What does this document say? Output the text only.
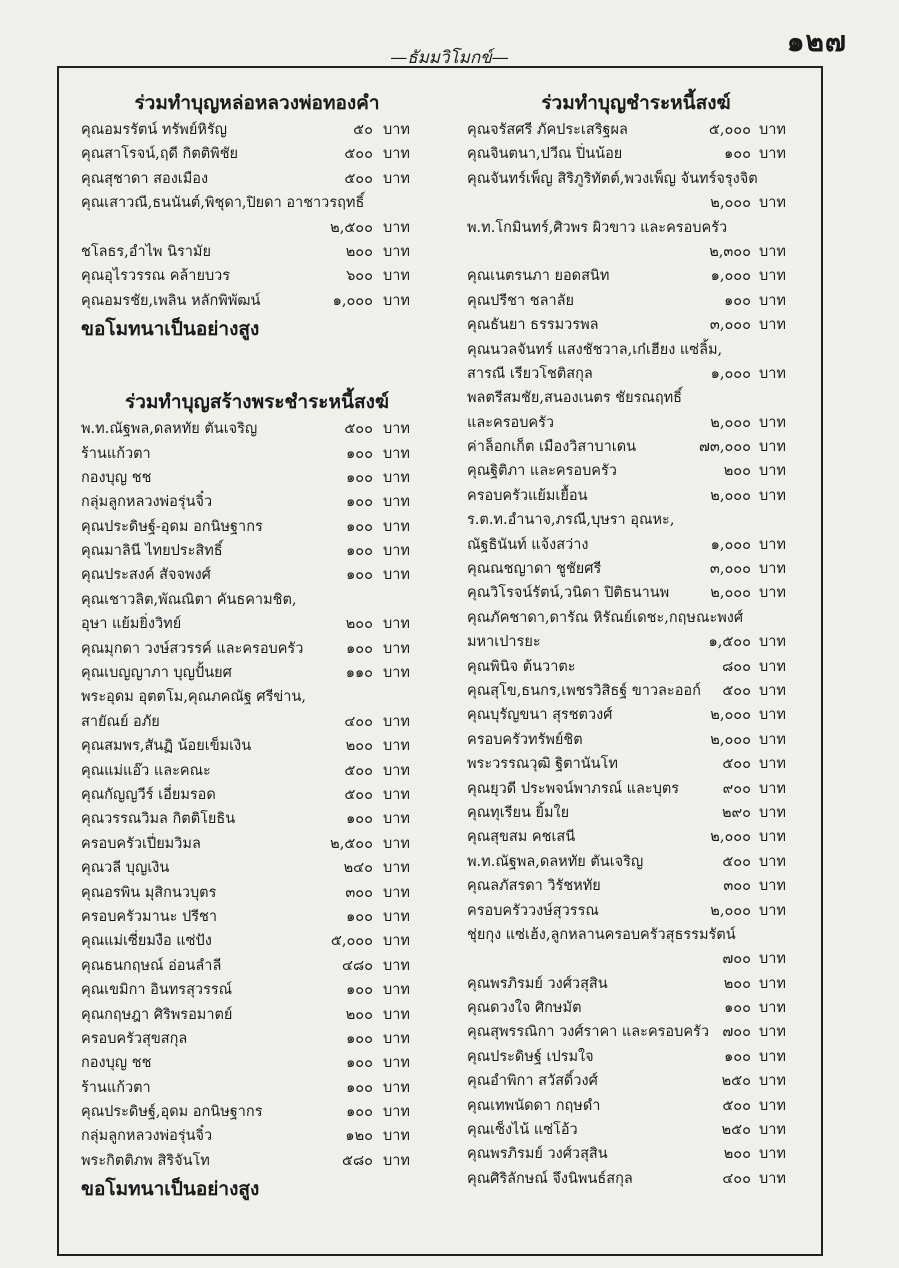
๑๒๗
—ธัมมวิโมกข์—
ร่วมทำบุญหล่อหลวงพ่อทองคำ
คุณอมรรัตน์ ทรัพย์หิรัญ	๕๐ บาท
คุณสาโรจน์,ฤดี กิตติพิชัย	๕๐๐ บาท
คุณสุชาดา สองเมือง	๕๐๐ บาท
คุณเสาวณี,ธนนันต์,พิชุดา,ปิยดา อาชาวรฤทธิ์
๒,๕๐๐ บาท
ชโลธร,อำไพ นิรามัย	๒๐๐ บาท
คุณอุไรวรรณ คล้ายบวร	๖๐๐ บาท
คุณอมรชัย,เพลิน หลักพิพัฒน์	๑,๐๐๐ บาท
ขอโมทนาเป็นอย่างสูง
ร่วมทำบุญสร้างพระชำระหนี้สงฆ์
พ.ท.ณัฐพล,ดลหทัย ตันเจริญ	๕๐๐ บาท
ร้านแก้วตา	๑๐๐ บาท
กองบุญ ชช	๑๐๐ บาท
กลุ่มลูกหลวงพ่อรุ่นจิ๋ว	๑๐๐ บาท
คุณประดิษฐ์-อุดม อกนิษฐากร	๑๐๐ บาท
คุณมาลินี ไทยประสิทธิ์	๑๐๐ บาท
คุณประสงค์ สัจจพงศ์	๑๐๐ บาท
คุณเชาวลิต,พัณณิตา คันธคามชิต,
อุษา แย้มยิ่งวิทย์	๒๐๐ บาท
คุณมุกดา วงษ์สวรรค์ และครอบครัว	๑๐๐ บาท
คุณเบญญาภา บุญปั้นยศ	๑๑๐ บาท
พระอุดม อุตตโม,คุณภคณัฐ ศรีข่าน,
สายัณย์ อภัย	๔๐๐ บาท
คุณสมพร,สันฏิ น้อยเข็มเงิน	๒๐๐ บาท
คุณแม่แอ๊ว และคณะ	๕๐๐ บาท
คุณกัญญวีร์ เอี่ยมรอด	๕๐๐ บาท
คุณวรรณวิมล กิตติโยธิน	๑๐๐ บาท
ครอบครัวเปี่ยมวิมล	๒,๕๐๐ บาท
คุณวลี บุญเงิน	๒๔๐ บาท
คุณอรพิน มุสิกนวบุตร	๓๐๐ บาท
ครอบครัวมานะ ปรีชา	๑๐๐ บาท
คุณแม่เซี่ยมงือ แซ่ปัง	๕,๐๐๐ บาท
คุณธนกฤษณ์ อ่อนลำลี	๔๘๐ บาท
คุณเขมิกา อินทรสุวรรณ์	๑๐๐ บาท
คุณกฤษฎา ศิริพรอมาตย์	๒๐๐ บาท
ครอบครัวสุขสกุล	๑๐๐ บาท
กองบุญ ชช	๑๐๐ บาท
ร้านแก้วตา	๑๐๐ บาท
คุณประดิษฐ์,อุดม อกนิษฐากร	๑๐๐ บาท
กลุ่มลูกหลวงพ่อรุ่นจิ๋ว	๑๒๐ บาท
พระกิตติภพ สิริจันโท	๕๘๐ บาท
ขอโมทนาเป็นอย่างสูง
ร่วมทำบุญชำระหนี้สงฆ์
คุณจรัสศรี ภัคประเสริฐผล	๕,๐๐๐ บาท
คุณจินตนา,ปวีณ ปิ่นน้อย	๑๐๐ บาท
คุณจันทร์เพ็ญ สิริภูริทัตต์,พวงเพ็ญ จันทร์จรุงจิต
๒,๐๐๐ บาท
พ.ท.โกมินทร์,ศิวพร ผิวขาว และครอบครัว
๒,๓๐๐ บาท
คุณเนตรนภา ยอดสนิท	๑,๐๐๐ บาท
คุณปรีชา ชลาลัย	๑๐๐ บาท
คุณธันยา ธรรมวรพล	๓,๐๐๐ บาท
คุณนวลจันทร์ แสงชัชวาล,เก๋เฮียง แซ่ลิ้ม,
สารณี เรียวโชติสกุล	๑,๐๐๐ บาท
พลตรีสมชัย,สนองเนตร ชัยรณฤทธิ์
และครอบครัว	๒,๐๐๐ บาท
ค่าล็อกเก็ต เมืองวิสาบาเดน	๗๓,๐๐๐ บาท
คุณฐิติภา และครอบครัว	๒๐๐ บาท
ครอบครัวแย้มเยื้อน	๒,๐๐๐ บาท
ร.ต.ท.อำนาจ,ภรณี,บุษรา อุณหะ,
ณัฐธินันท์ แจ้งสว่าง	๑,๐๐๐ บาท
คุณณชญาดา ชูชัยศรี	๓,๐๐๐ บาท
คุณวิโรจน์รัตน์,วนิดา ปิติธนานพ	๒,๐๐๐ บาท
คุณภัคชาดา,ดารัณ หิรัณย์เดชะ,กฤษณะพงศ์
มหาเปารยะ	๑,๕๐๐ บาท
คุณพินิจ ต้นวาตะ	๘๐๐ บาท
คุณสุโข,ธนกร,เพชรวิสิธฐ์ ขาวละออก์	๕๐๐ บาท
คุณบุรัญขนา สุรชตวงศ์	๒,๐๐๐ บาท
ครอบครัวทรัพย์ชิต	๒,๐๐๐ บาท
พระวรรณวุฒิ ฐิตานันโท	๕๐๐ บาท
คุณยุวดี ประพจน์พาภรณ์ และบุตร	๙๐๐ บาท
คุณทุเรียน ยิ้มใย	๒๙๐ บาท
คุณสุขสม คชเสนี	๒,๐๐๐ บาท
พ.ท.ณัฐพล,ดลหทัย ตันเจริญ	๕๐๐ บาท
คุณลภัสรดา วิรัชหทัย	๓๐๐ บาท
ครอบครัววงษ์สุวรรณ	๒,๐๐๐ บาท
ชุ่ยกุง แซ่เฮ้ง,ลูกหลานครอบครัวสุธรรมรัตน์
๗๐๐ บาท
คุณพรภิรมย์ วงศ์วสุสิน	๒๐๐ บาท
คุณดวงใจ ศิกษมัต	๑๐๐ บาท
คุณสุพรรณิกา วงศ์ราคา และครอบครัว ๗๐๐ บาท
คุณประดิษฐ์ เปรมใจ	๑๐๐ บาท
คุณอำพิกา สวัสดิ์วงศ์	๒๕๐ บาท
คุณเทพนัดดา กฤษดำ	๕๐๐ บาท
คุณเซ็งไน้ แซ่โอ้ว	๒๕๐ บาท
คุณพรภิรมย์ วงศ์วสุสิน	๒๐๐ บาท
คุณศิริลักษณ์ จึงนิพนธ์สกุล	๔๐๐ บาท
